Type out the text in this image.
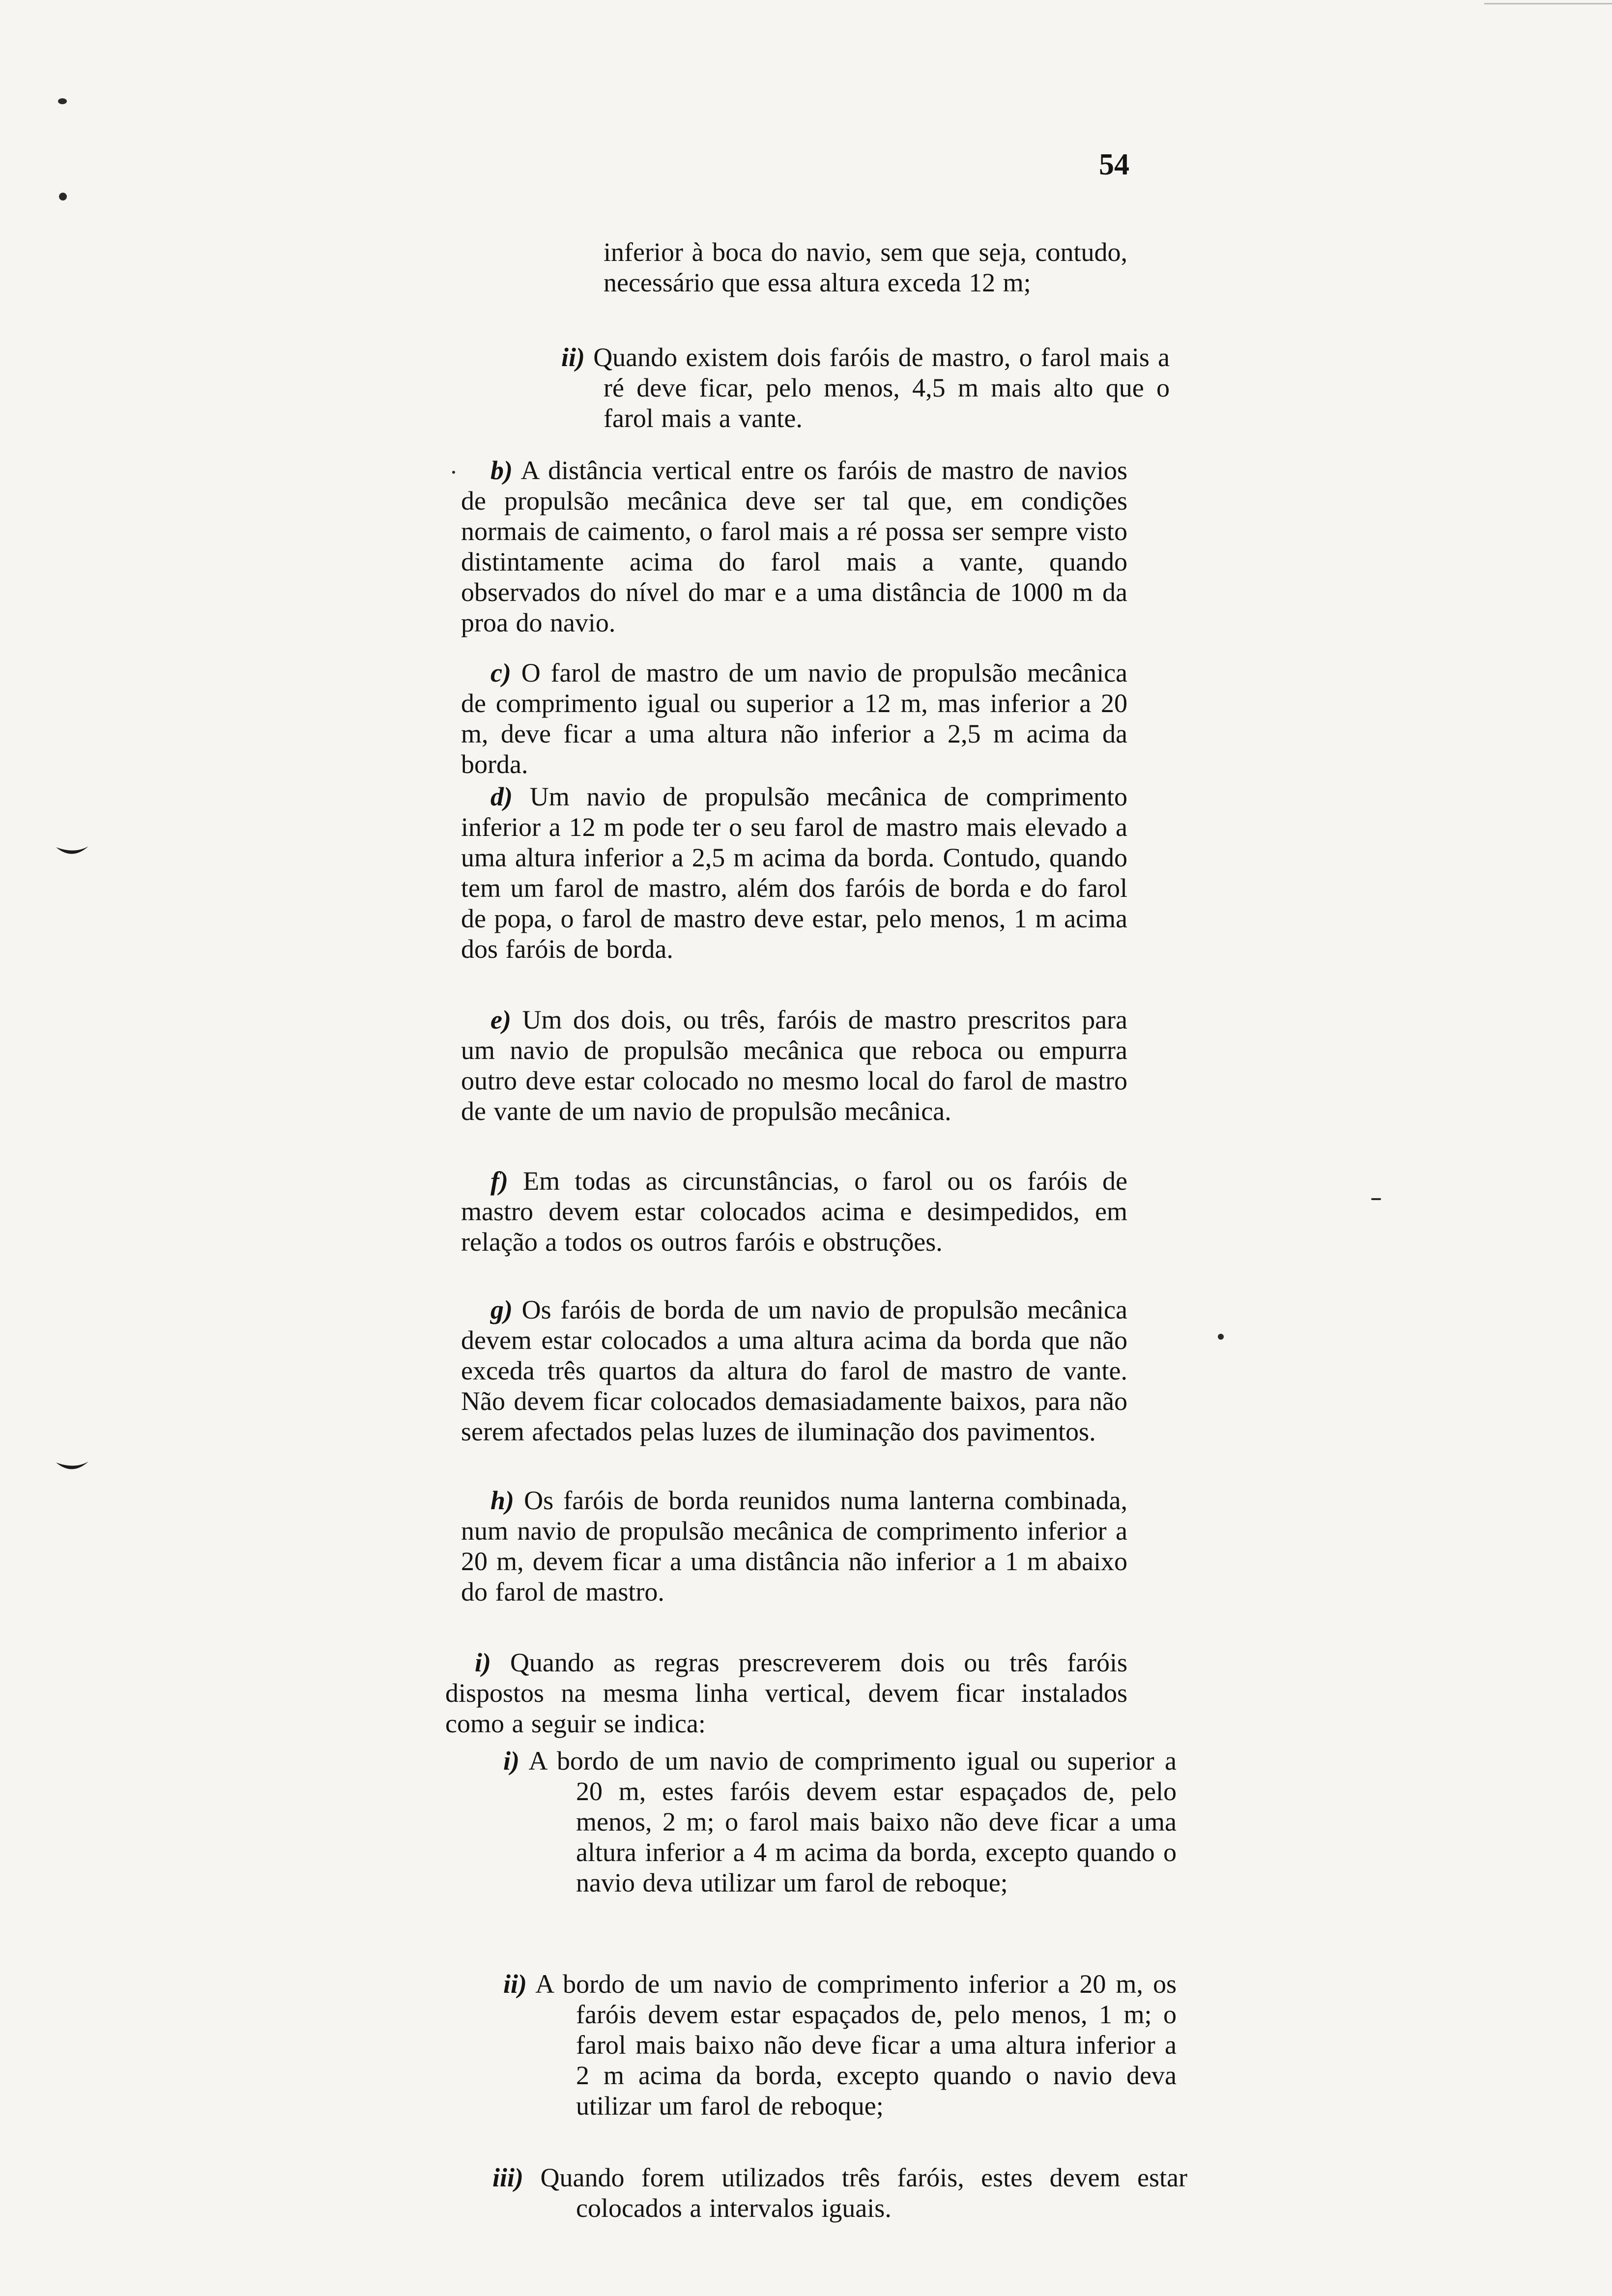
54

inferior à boca do navio, sem que seja, contudo, necessário que essa altura exceda 12 m;

ii) Quando existem dois faróis de mastro, o farol mais a ré deve ficar, pelo menos, 4,5 m mais alto que o farol mais a vante.

b) A distância vertical entre os faróis de mastro de navios de propulsão mecânica deve ser tal que, em condições normais de caimento, o farol mais a ré possa ser sempre visto distintamente acima do farol mais a vante, quando observados do nível do mar e a uma distância de 1000 m da proa do navio.

c) O farol de mastro de um navio de propulsão mecânica de comprimento igual ou superior a 12 m, mas inferior a 20 m, deve ficar a uma altura não inferior a 2,5 m acima da borda.

d) Um navio de propulsão mecânica de comprimento inferior a 12 m pode ter o seu farol de mastro mais elevado a uma altura inferior a 2,5 m acima da borda. Contudo, quando tem um farol de mastro, além dos faróis de borda e do farol de popa, o farol de mastro deve estar, pelo menos, 1 m acima dos faróis de borda.

e) Um dos dois, ou três, faróis de mastro prescritos para um navio de propulsão mecânica que reboca ou empurra outro deve estar colocado no mesmo local do farol de mastro de vante de um navio de propulsão mecânica.

f) Em todas as circunstâncias, o farol ou os faróis de mastro devem estar colocados acima e desimpedidos, em relação a todos os outros faróis e obstruções.

g) Os faróis de borda de um navio de propulsão mecânica devem estar colocados a uma altura acima da borda que não exceda três quartos da altura do farol de mastro de vante. Não devem ficar colocados demasiadamente baixos, para não serem afectados pelas luzes de iluminação dos pavimentos.

h) Os faróis de borda reunidos numa lanterna combinada, num navio de propulsão mecânica de comprimento inferior a 20 m, devem ficar a uma distância não inferior a 1 m abaixo do farol de mastro.

i) Quando as regras prescreverem dois ou três faróis dispostos na mesma linha vertical, devem ficar instalados como a seguir se indica:

i) A bordo de um navio de comprimento igual ou superior a 20 m, estes faróis devem estar espaçados de, pelo menos, 2 m; o farol mais baixo não deve ficar a uma altura inferior a 4 m acima da borda, excepto quando o navio deva utilizar um farol de reboque;

ii) A bordo de um navio de comprimento inferior a 20 m, os faróis devem estar espaçados de, pelo menos, 1 m; o farol mais baixo não deve ficar a uma altura inferior a 2 m acima da borda, excepto quando o navio deva utilizar um farol de reboque;

iii) Quando forem utilizados três faróis, estes devem estar colocados a intervalos iguais.
